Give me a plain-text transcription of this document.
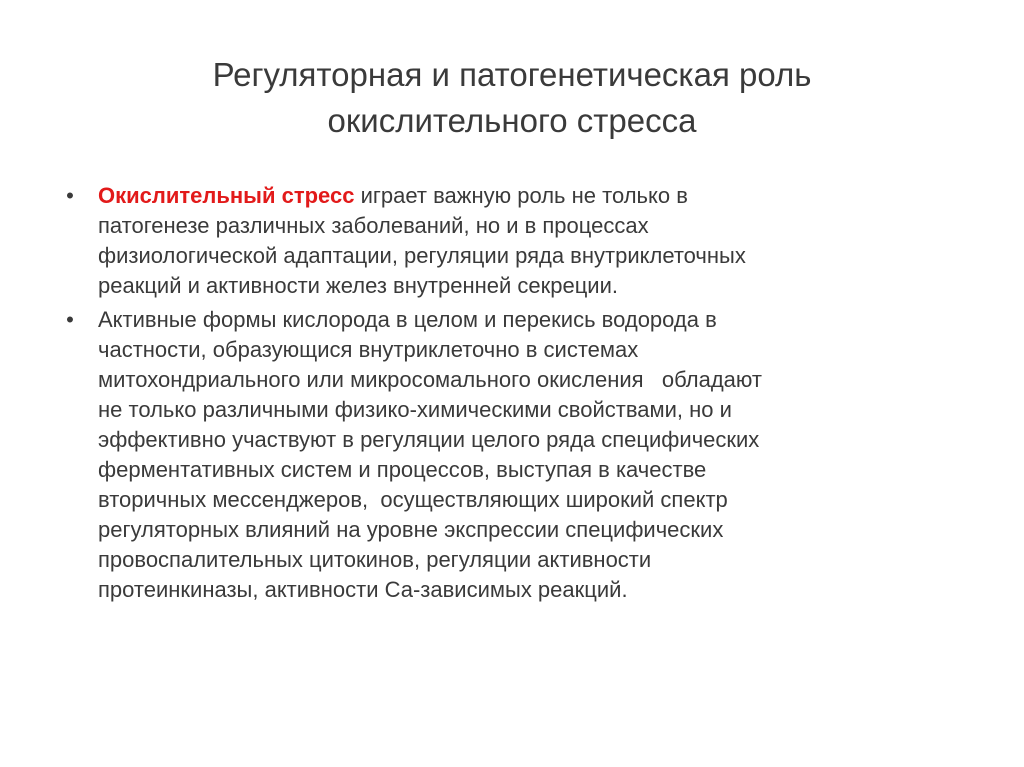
Регуляторная и патогенетическая роль
окислительного стресса
• Окислительный стресс играет важную роль не только в
патогенезе различных заболеваний, но и в процессах
физиологической адаптации, регуляции ряда внутриклеточных
реакций и активности желез внутренней секреции.
• Активные формы кислорода в целом и перекись водорода в
частности, образующися внутриклеточно в системах
митохондриального или микросомального окисления   обладают
не только различными физико-химическими свойствами, но и
эффективно участвуют в регуляции целого ряда специфических
ферментативных систем и процессов, выступая в качестве
вторичных мессенджеров,  осуществляющих широкий спектр
регуляторных влияний на уровне экспрессии специфических
провоспалительных цитокинов, регуляции активности
протеинкиназы, активности Са-зависимых реакций.
